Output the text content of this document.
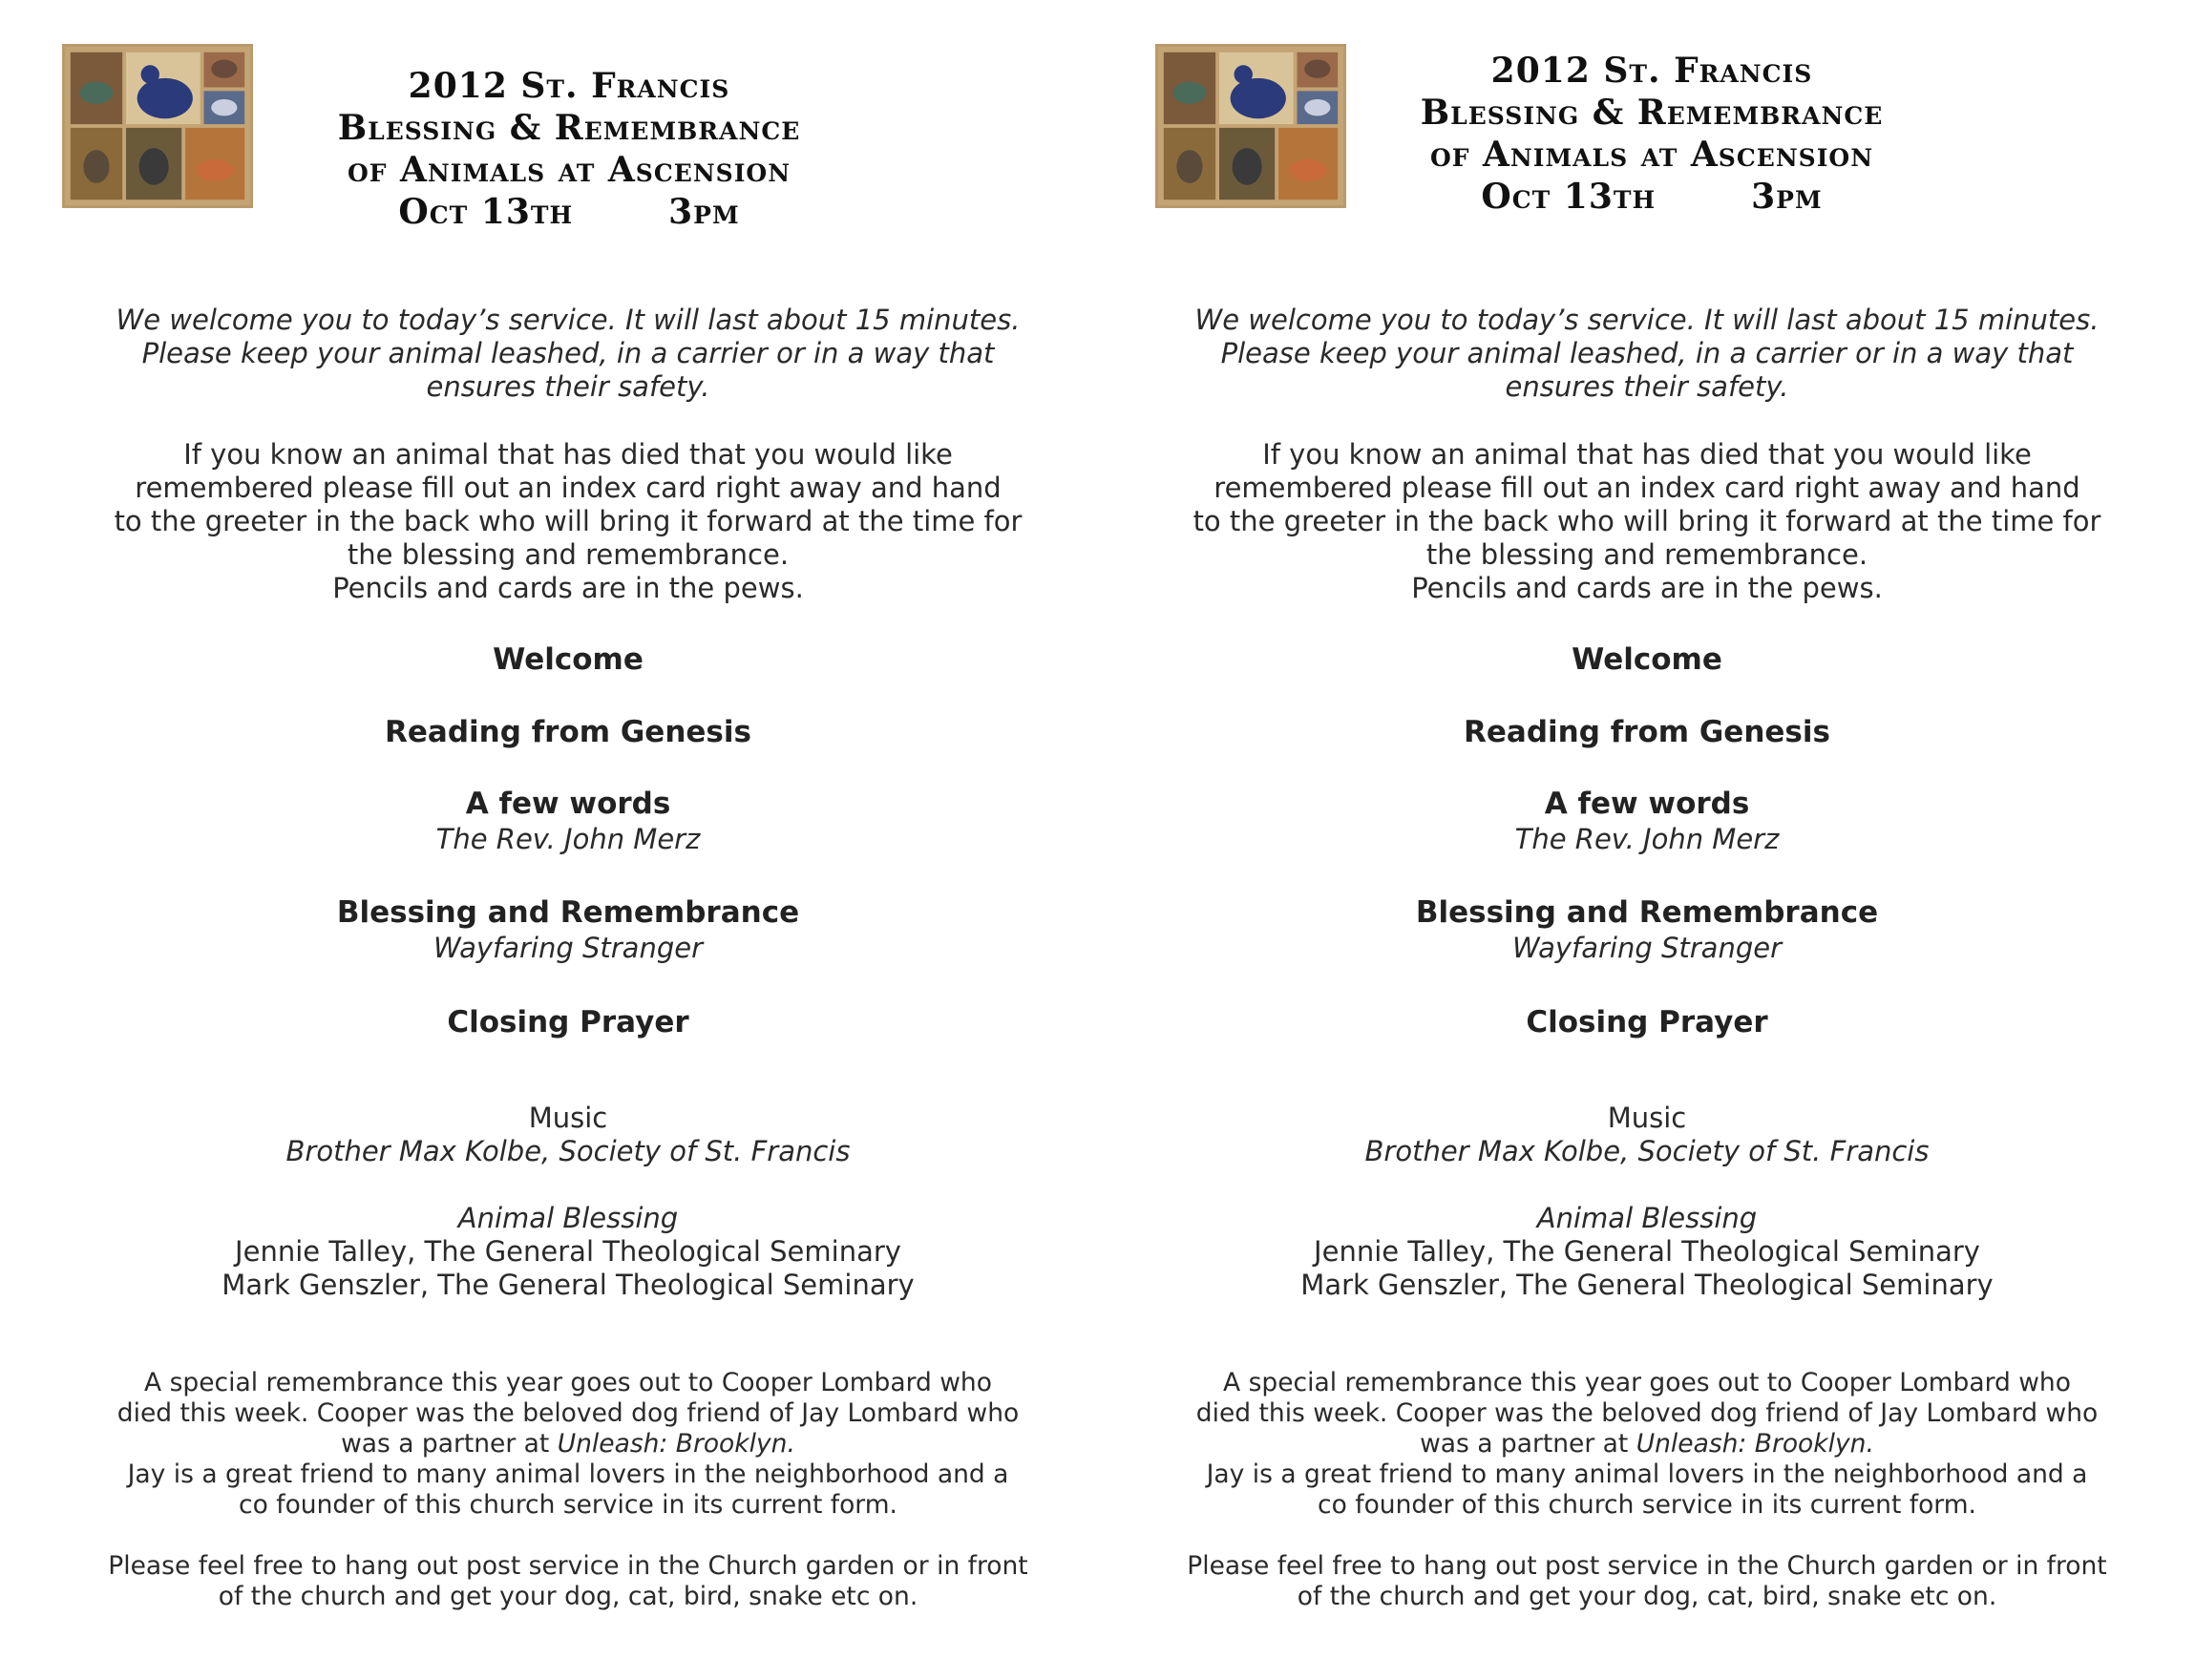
2012 St. Francis
Blessing & Remembrance
of Animals at Ascension
Oct 13th	3pm
We welcome you to today’s service. It will last about 15 minutes.
Please keep your animal leashed, in a carrier or in a way that
ensures their safety.
If you know an animal that has died that you would like
remembered please fill out an index card right away and hand
to the greeter in the back who will bring it forward at the time for
the blessing and remembrance.
Pencils and cards are in the pews.
Welcome
Reading from Genesis
A few words
The Rev. John Merz
Blessing and Remembrance
Wayfaring Stranger
Closing Prayer
Music
Brother Max Kolbe, Society of St. Francis
Animal Blessing
Jennie Talley, The General Theological Seminary
Mark Genszler, The General Theological Seminary
A special remembrance this year goes out to Cooper Lombard who
died this week. Cooper was the beloved dog friend of Jay Lombard who
was a partner at Unleash: Brooklyn.
Jay is a great friend to many animal lovers in the neighborhood and a
co founder of this church service in its current form.
Please feel free to hang out post service in the Church garden or in front
of the church and get your dog, cat, bird, snake etc on.
2012 St. Francis
Blessing & Remembrance
of Animals at Ascension
Oct 13th	3pm
We welcome you to today’s service. It will last about 15 minutes.
Please keep your animal leashed, in a carrier or in a way that
ensures their safety.
If you know an animal that has died that you would like
remembered please fill out an index card right away and hand
to the greeter in the back who will bring it forward at the time for
the blessing and remembrance.
Pencils and cards are in the pews.
Welcome
Reading from Genesis
A few words
The Rev. John Merz
Blessing and Remembrance
Wayfaring Stranger
Closing Prayer
Music
Brother Max Kolbe, Society of St. Francis
Animal Blessing
Jennie Talley, The General Theological Seminary
Mark Genszler, The General Theological Seminary
A special remembrance this year goes out to Cooper Lombard who
died this week. Cooper was the beloved dog friend of Jay Lombard who
was a partner at Unleash: Brooklyn.
Jay is a great friend to many animal lovers in the neighborhood and a
co founder of this church service in its current form.
Please feel free to hang out post service in the Church garden or in front
of the church and get your dog, cat, bird, snake etc on.
